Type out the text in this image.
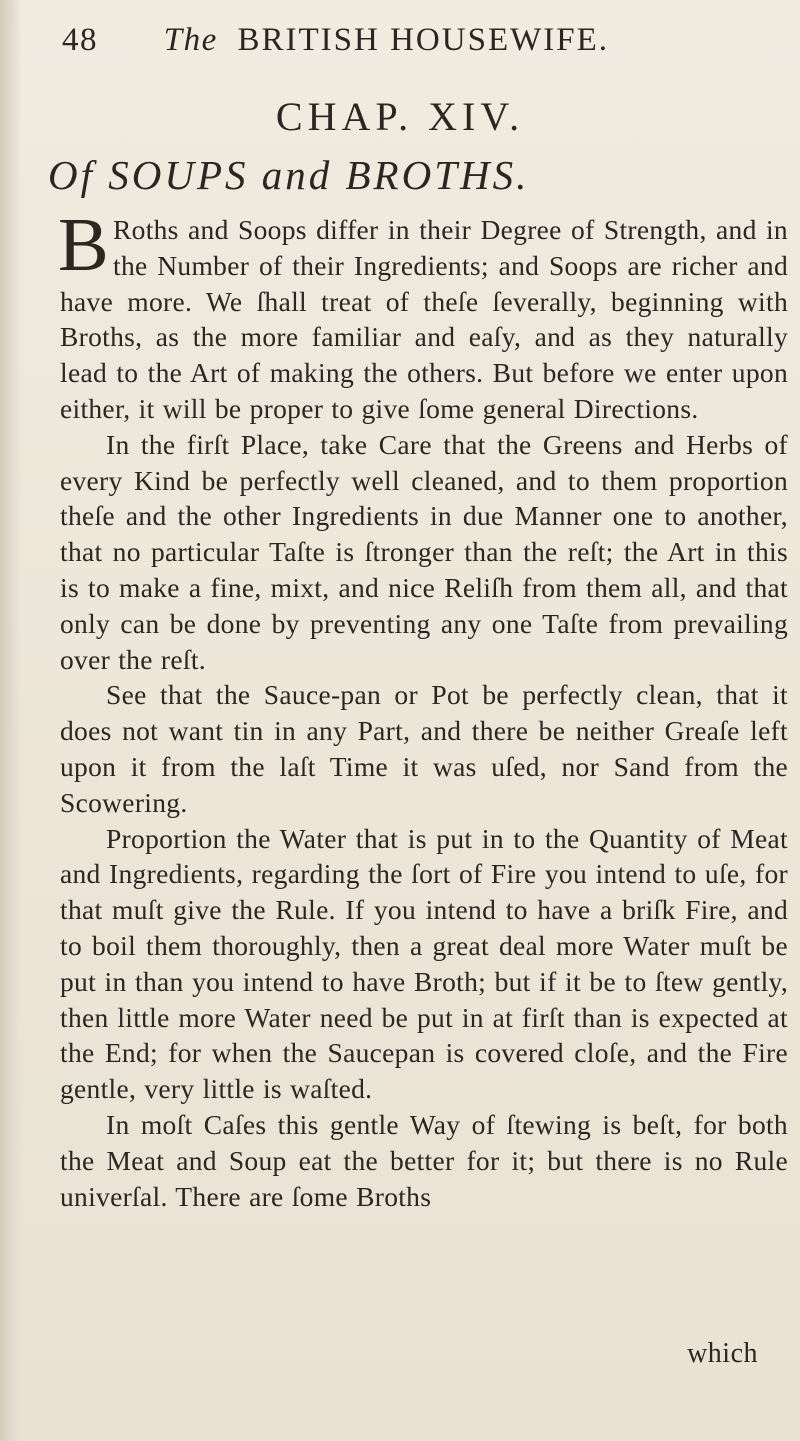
48 The BRITISH HOUSEWIFE.
CHAP. XIV.
Of SOUPS and BROTHS.

B Roths and Soops differ in their Degree of Strength, and in the Number of their Ingredients; and Soops are richer and have more. We ſhall treat of theſe ſeverally, beginning with Broths, as the more familiar and eaſy, and as they naturally lead to the Art of making the others. But before we enter upon either, it will be proper to give ſome general Directions.

In the firſt Place, take Care that the Greens and Herbs of every Kind be perfectly well cleaned, and to them proportion theſe and the other Ingredients in due Manner one to another, that no particular Taſte is ſtronger than the reſt; the Art in this is to make a fine, mixt, and nice Reliſh from them all, and that only can be done by preventing any one Taſte from prevailing over the reſt.

See that the Sauce-pan or Pot be perfectly clean, that it does not want tin in any Part, and there be neither Greaſe left upon it from the laſt Time it was uſed, nor Sand from the Scowering.

Proportion the Water that is put in to the Quantity of Meat and Ingredients, regarding the ſort of Fire you intend to uſe, for that muſt give the Rule. If you intend to have a briſk Fire, and to boil them thoroughly, then a great deal more Water muſt be put in than you intend to have Broth; but if it be to ſtew gently, then little more Water need be put in at firſt than is expected at the End; for when the Saucepan is covered cloſe, and the Fire gentle, very little is waſted.

In moſt Caſes this gentle Way of ſtewing is beſt, for both the Meat and Soup eat the better for it; but there is no Rule univerſal. There are ſome Broths

which
